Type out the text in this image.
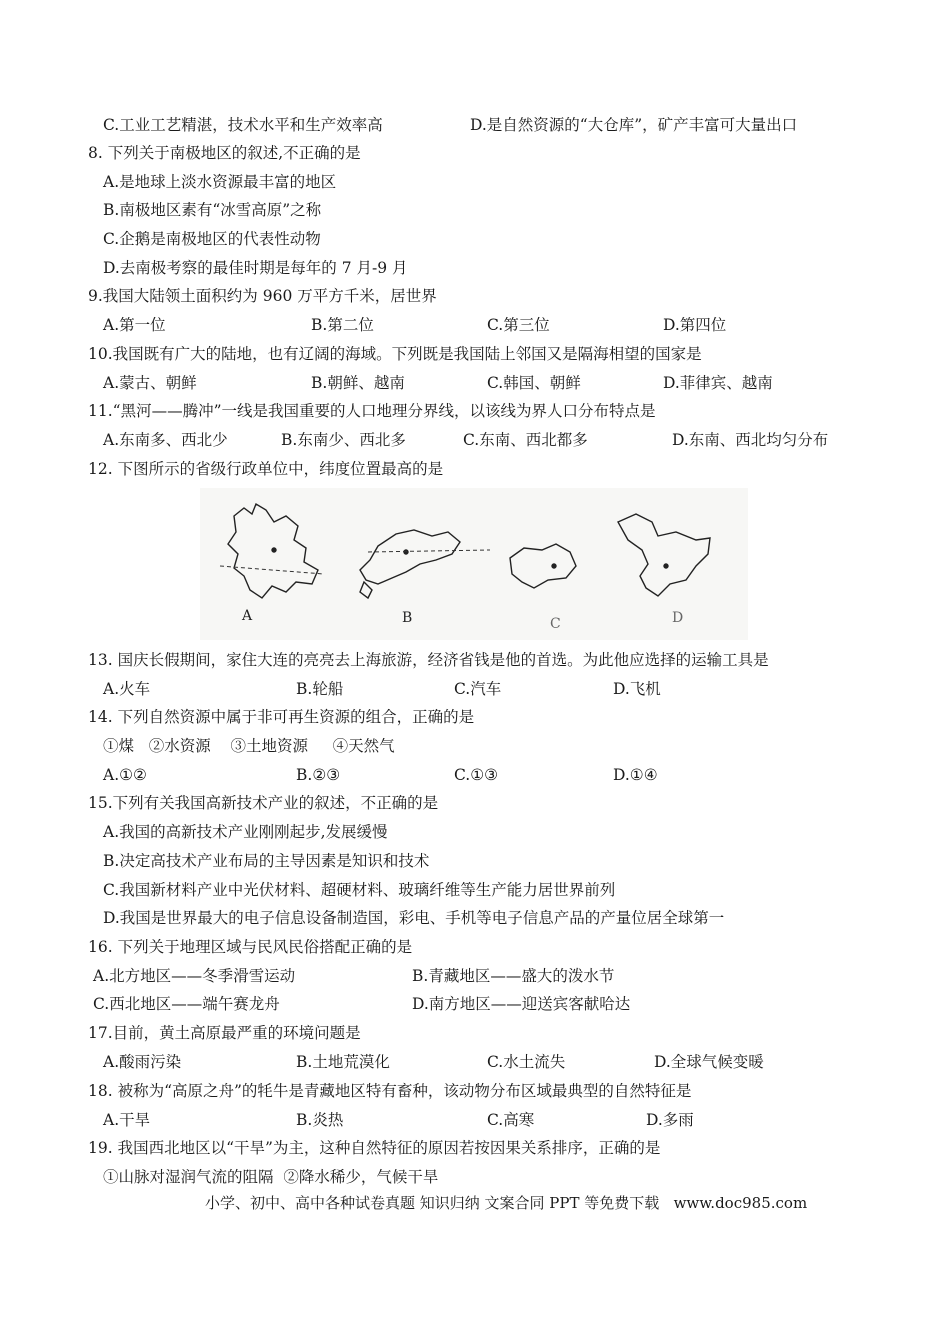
C.工业工艺精湛，技术水平和生产效率高	D.是自然资源的“大仓库”，矿产丰富可大量出口
8. 下列关于南极地区的叙述,不正确的是
A.是地球上淡水资源最丰富的地区
B.南极地区素有“冰雪高原”之称
C.企鹅是南极地区的代表性动物
D.去南极考察的最佳时期是每年的 7 月-9 月
9.我国大陆领土面积约为 960 万平方千米，居世界
A.第一位	B.第二位	C.第三位	D.第四位
10.我国既有广大的陆地，也有辽阔的海域。下列既是我国陆上邻国又是隔海相望的国家是
A.蒙古、朝鲜	B.朝鲜、越南	C.韩国、朝鲜	D.菲律宾、越南
11.“黑河——腾冲”一线是我国重要的人口地理分界线，以该线为界人口分布特点是
A.东南多、西北少	B.东南少、西北多	C.东南、西北都多	D.东南、西北均匀分布
12. 下图所示的省级行政单位中，纬度位置最高的是
A	B	C	D
13. 国庆长假期间，家住大连的亮亮去上海旅游，经济省钱是他的首选。为此他应选择的运输工具是
A.火车	B.轮船	C.汽车	D.飞机
14. 下列自然资源中属于非可再生资源的组合，正确的是
①煤   ②水资源    ③土地资源     ④天然气
A.①②	B.②③	C.①③	D.①④
15.下列有关我国高新技术产业的叙述，不正确的是
A.我国的高新技术产业刚刚起步,发展缓慢
B.决定高技术产业布局的主导因素是知识和技术
C.我国新材料产业中光伏材料、超硬材料、玻璃纤维等生产能力居世界前列
D.我国是世界最大的电子信息设备制造国，彩电、手机等电子信息产品的产量位居全球第一
16. 下列关于地理区域与民风民俗搭配正确的是
A.北方地区——冬季滑雪运动	B.青藏地区——盛大的泼水节
C.西北地区——端午赛龙舟	D.南方地区——迎送宾客献哈达
17.目前，黄土高原最严重的环境问题是
A.酸雨污染	B.土地荒漠化	C.水土流失	D.全球气候变暖
18. 被称为“高原之舟”的牦牛是青藏地区特有畜种，该动物分布区域最典型的自然特征是
A.干旱	B.炎热	C.高寒	D.多雨
19. 我国西北地区以“干旱”为主，这种自然特征的原因若按因果关系排序，正确的是
①山脉对湿润气流的阻隔  ②降水稀少，气候干旱
小学、初中、高中各种试卷真题 知识归纳 文案合同 PPT 等免费下载   www.doc985.com
